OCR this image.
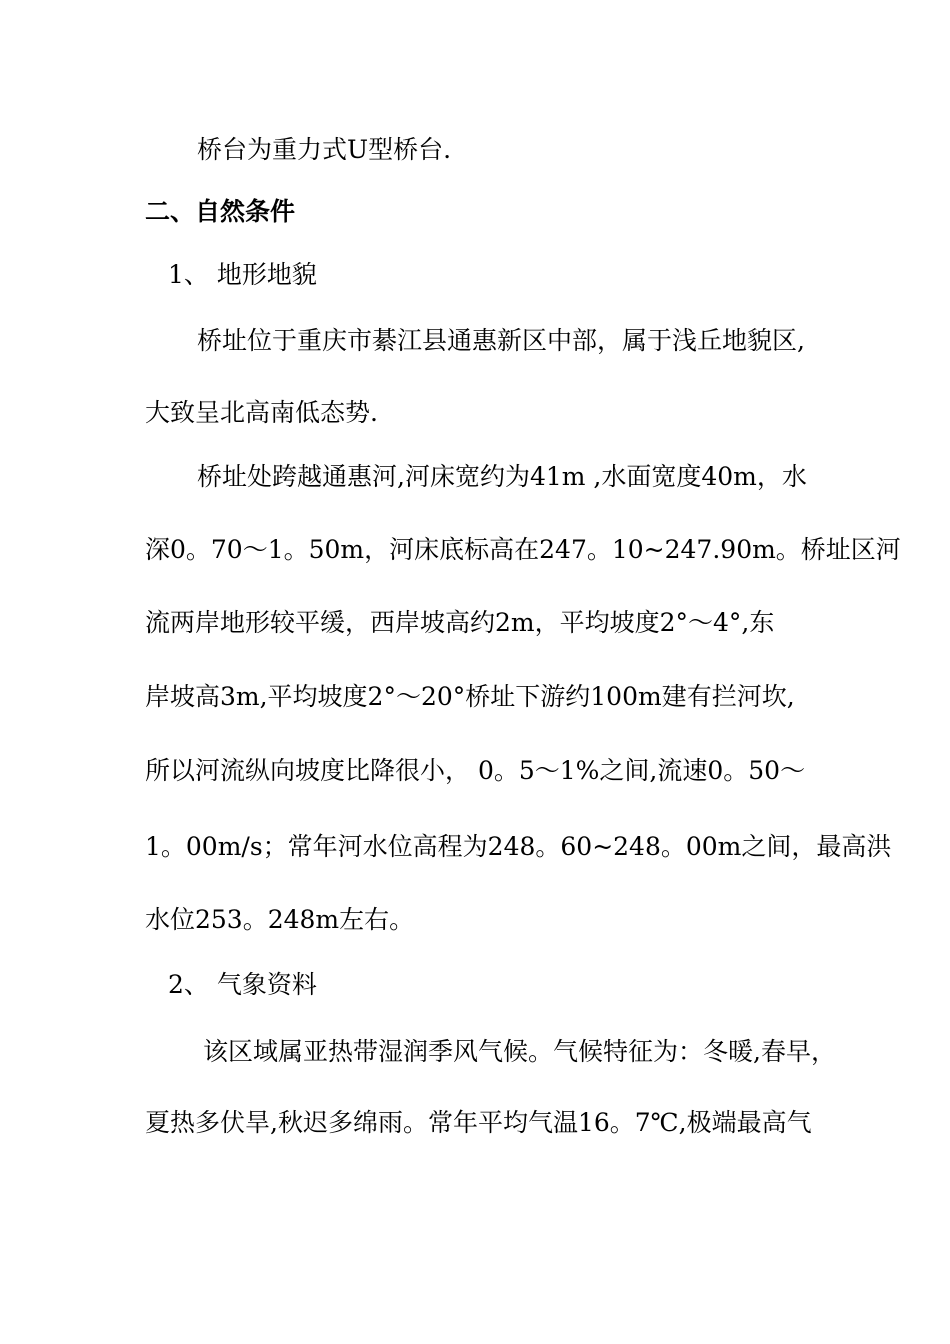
桥台为重力式U型桥台.

二、自然条件

1、 地形地貌

桥址位于重庆市綦江县通惠新区中部，属于浅丘地貌区,

大致呈北高南低态势.

桥址处跨越通惠河,河床宽约为41m ,水面宽度40m，水

深0。70～1。50m，河床底标高在247。10~247.90m。桥址区河

流两岸地形较平缓，西岸坡高约2m，平均坡度2°～4°,东

岸坡高3m,平均坡度2°～20°桥址下游约100m建有拦河坎,

所以河流纵向坡度比降很小， 0。5～1%之间,流速0。50～

1。00m/s；常年河水位高程为248。60~248。00m之间，最高洪

水位253。248m左右。

2、 气象资料

该区域属亚热带湿润季风气候。气候特征为：冬暖,春早，

夏热多伏旱,秋迟多绵雨。常年平均气温16。7℃,极端最高气
